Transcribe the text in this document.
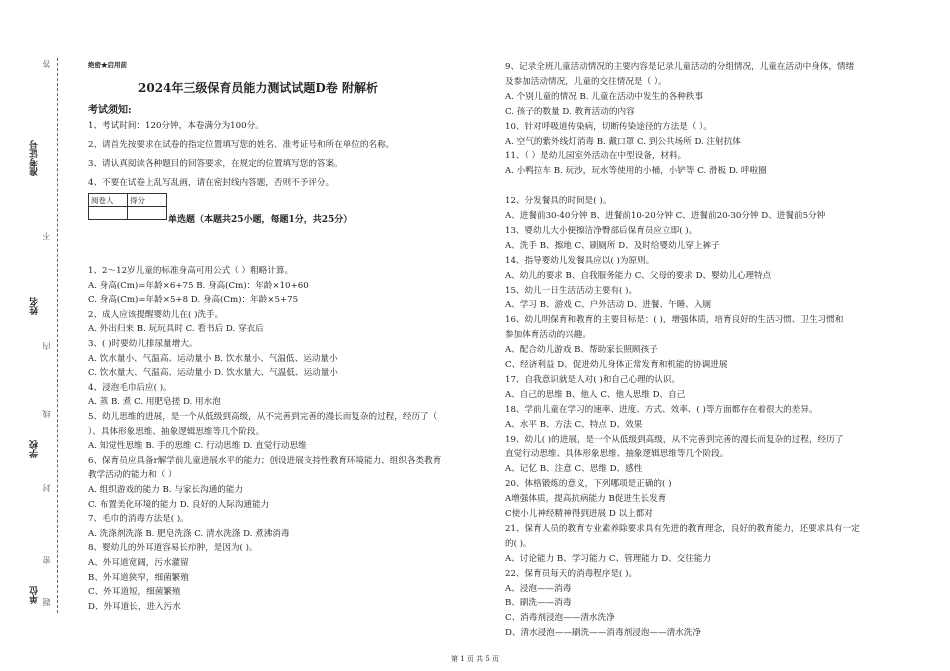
准考证号
姓名
学校
单位
答
不
内
线
封
密
题
绝密★启用前
2024年三级保育员能力测试试题D卷 附解析
考试须知:
1、考试时间：120分钟，本卷满分为100分。
2、请首先按要求在试卷的指定位置填写您的姓名、准考证号和所在单位的名称。
3、请认真阅读各种题目的回答要求，在规定的位置填写您的答案。
4、不要在试卷上乱写乱画，请在密封线内答题，否则不予评分。
阅卷人	得分

单选题（本题共25小题，每题1分，共25分）
1、2～12岁儿童的标准身高可用公式（ ）粗略计算。
A. 身高(Cm)=年龄×6+75 B. 身高(Cm)：年龄×10+60
C. 身高(Cm)=年龄×5+8 D. 身高(Cm)：年龄×5+75
2、成人应该提醒婴幼儿在( )洗手。
A. 外出归来 B. 玩玩具时 C. 看书后 D. 穿衣后
3、( )时要幼儿排尿量增大。
A. 饮水量小、气温高、运动量小 B. 饮水量小、气温低、运动量小
C. 饮水量大、气温高、运动量小 D. 饮水量大、气温低、运动量小
4、浸泡毛巾后应( )。
A. 蒸 B. 煮 C. 用肥皂搓 D. 用水泡
5、幼儿思维的进展，是一个从低级到高级，从不完善到完善的漫长而复杂的过程，经历了（
）、具体形象思维、抽象逻辑思维等几个阶段。
A. 知觉性思维 B. 手的思维 C. 行动思维 D. 直觉行动思维
6、保育员应具备r解学前儿童进展水平的能力；创设进展支持性教育环境能力、组织各类教育
教学活动的能力和（ ）
A. 组织游戏的能力 B. 与家长沟通的能力
C. 布置美化环境的能力 D. 良好的人际沟通能力
7、毛巾的消毒方法是( )。
A. 洗涤剂洗涤 B. 肥皂洗涤 C. 清水洗涤 D. 煮沸消毒
8、婴幼儿的外耳道容易长疖肿，是因为( )。
A、外耳道宽阔，污水灌留
B、外耳道狭窄，细菌繁殖
C、外耳道短，细菌繁殖
D、外耳道长，进入污水
9、记录全班儿童活动情况的主要内容是记录儿童活动的分组情况，儿童在活动中身体，情绪
及参加活动情况，儿童的交往情况是（ ）。
A. 个别儿童的情况 B. 儿童在活动中发生的各种秩事
C. 孩子的数量 D. 教育活动的内容
10、针对呼吸道传染病，切断传染途径的方法是（ ）。
A. 空气的紫外线灯消毒 B. 戴口罩 C. 到公共场所 D. 注射抗体
11、（ ）是幼儿园室外活动在中型设备，材料。
A. 小鸭拉车 B. 玩沙，玩水等使用的小桶，小铲等 C. 滑板 D. 呼啦圈
12、分发餐具的时间是( )。
A、进餐前30-40分钟 B、进餐前10-20分钟 C、进餐前20-30分钟 D、进餐前5分钟
13、婴幼儿大小便擦洁净臀部后保育员应立即( )。
A、洗手 B、擦地 C、刷厕所 D、及时给婴幼儿穿上裤子
14、指导婴幼儿发餐具应以( )为原则。
A、幼儿的要求 B、自我服务能力 C、父母的要求 D、婴幼儿心理特点
15、幼儿一日生活活动主要有( )。
A、学习 B、游戏 C、户外活动 D、进餐、午睡、入厕
16、幼儿明保育和教育的主要目标是：( )，增强体质，培育良好的生活习惯、卫生习惯和
参加体育活动的兴趣。
A、配合幼儿游戏 B、帮助家长照顾孩子
C、经济利益 D、促进幼儿身体正常发育和机能的协调进展
17、自我意识就是人对( )和自己心理的认识。
A、自己的思维 B、他人 C、他人思维 D、自己
18、学前儿童在学习的速率、进度、方式、效率、( )等方面都存在着很大的差异。
A、水平 B、方法 C、特点 D、效果
19、幼儿( )的进展，是一个从低级到高级，从不完善到完善的漫长而复杂的过程，经历了
直觉行动思维、具体形象思维、抽象逻辑思维等几个阶段。
A、记忆 B、注意 C、思维 D、感性
20、体格锻炼的意义，下列哪项是正确的( )
A增强体质，提高抗病能力 B促进生长发育
C使小儿神经精神得到进展 D 以上都对
21、保育人员的教育专业素养除要求具有先进的教育理念，良好的教育能力，还要求具有一定
的( )。
A、讨论能力 B、学习能力 C、管理能力 D、交往能力
22、保育员每天的消毒程序是( )。
A、浸泡——消毒
B、刷洗——消毒
C、消毒剂浸泡——清水洗净
D、清水浸泡——刷洗——消毒剂浸泡——清水洗净
第 1 页 共 5 页
